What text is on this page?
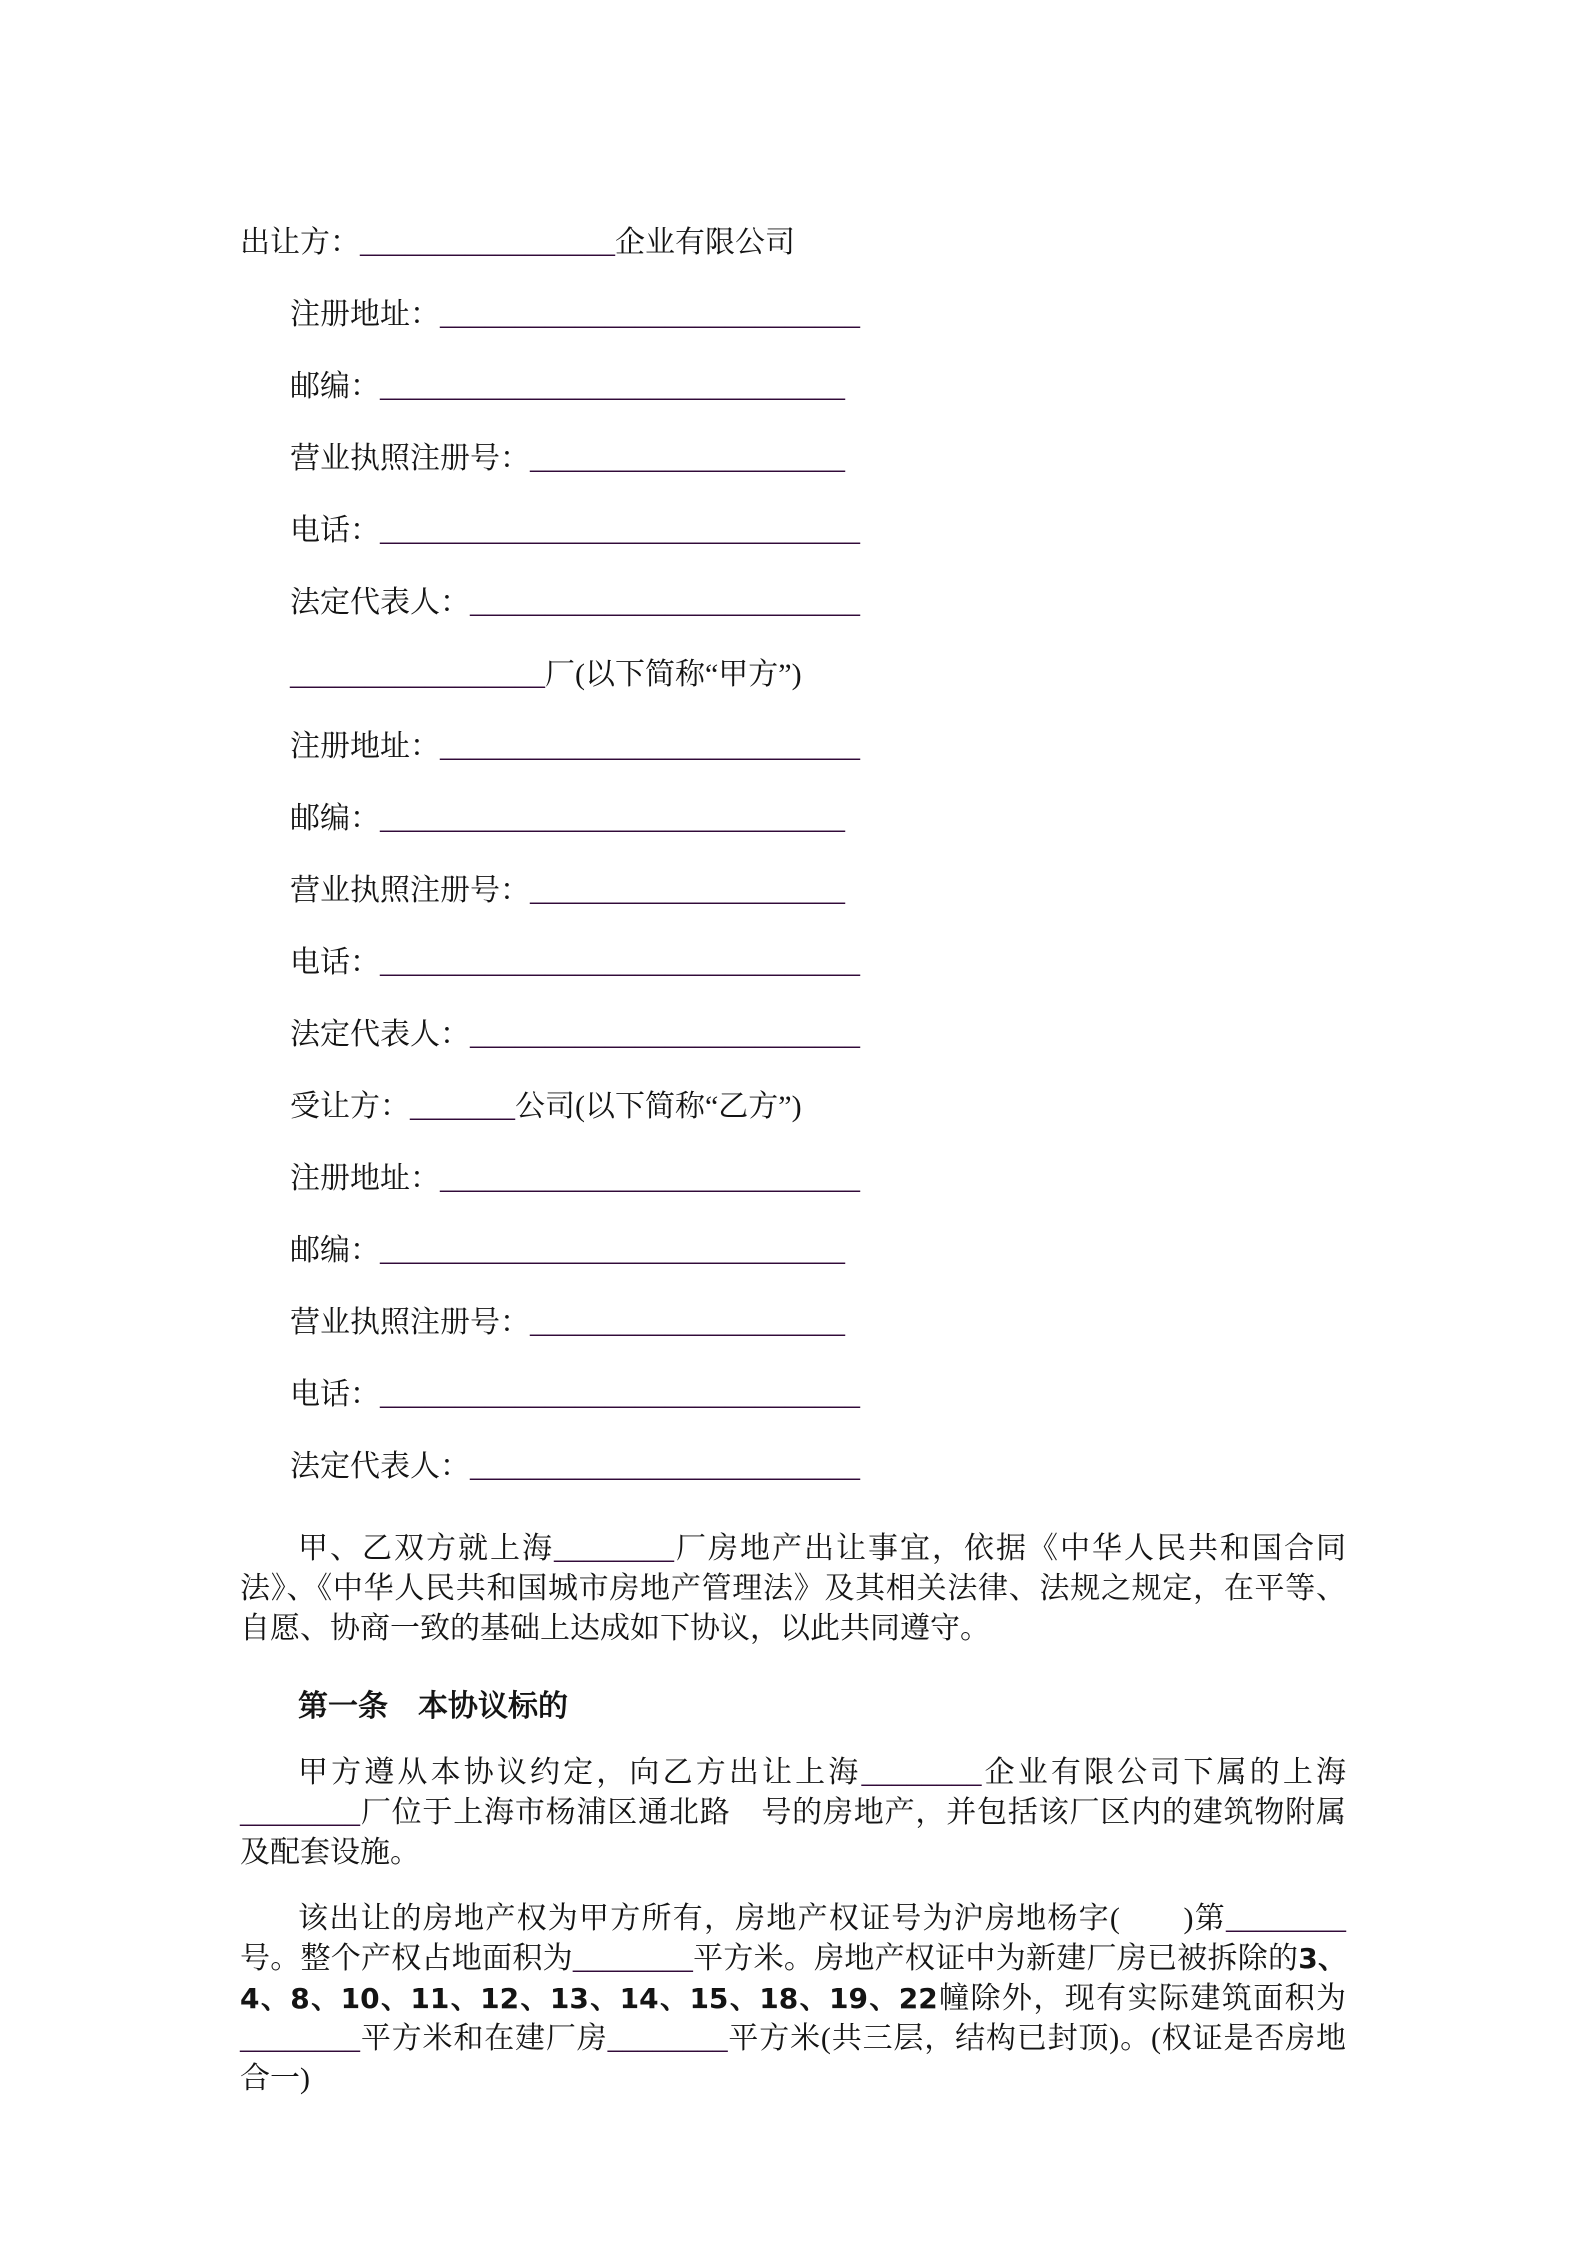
出让方：_________________企业有限公司
注册地址：____________________________
邮编：_______________________________
营业执照注册号：_____________________
电话：________________________________
法定代表人：__________________________
_________________厂(以下简称“甲方”)
注册地址：____________________________
邮编：_______________________________
营业执照注册号：_____________________
电话：________________________________
法定代表人：__________________________
受让方：_______公司(以下简称“乙方”)
注册地址：____________________________
邮编：_______________________________
营业执照注册号：_____________________
电话：________________________________
法定代表人：__________________________

甲、乙双方就上海________厂房地产出让事宜，依据《中华人民共和国合同法》、《中华人民共和国城市房地产管理法》及其相关法律、法规之规定，在平等、自愿、协商一致的基础上达成如下协议，以此共同遵守。

第一条　本协议标的

甲方遵从本协议约定，向乙方出让上海________企业有限公司下属的上海________厂位于上海市杨浦区通北路　号的房地产，并包括该厂区内的建筑物附属及配套设施。

该出让的房地产权为甲方所有，房地产权证号为沪房地杨字(　　)第________号。整个产权占地面积为________平方米。房地产权证中为新建厂房已被拆除的3、4、8、10、11、12、13、14、15、18、19、22幢除外，现有实际建筑面积为________平方米和在建厂房________平方米(共三层，结构已封顶)。(权证是否房地合一)
